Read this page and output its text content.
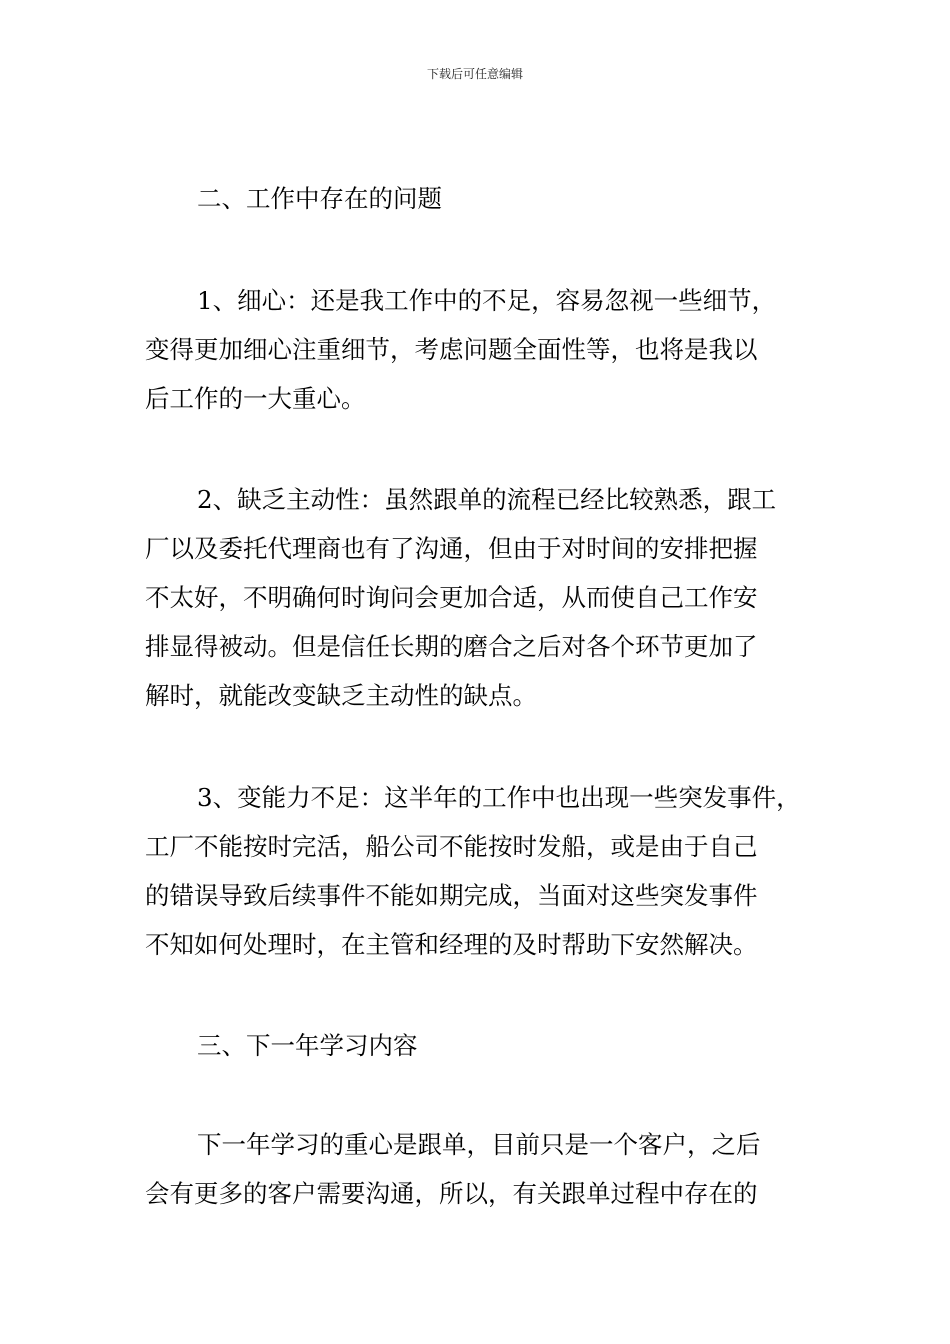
下载后可任意编辑
二、工作中存在的问题
1、细心：还是我工作中的不足，容易忽视一些细节，
变得更加细心注重细节，考虑问题全面性等，也将是我以
后工作的一大重心。
2、缺乏主动性：虽然跟单的流程已经比较熟悉，跟工
厂以及委托代理商也有了沟通，但由于对时间的安排把握
不太好，不明确何时询问会更加合适，从而使自己工作安
排显得被动。但是信任长期的磨合之后对各个环节更加了
解时，就能改变缺乏主动性的缺点。
3、变能力不足：这半年的工作中也出现一些突发事件，
工厂不能按时完活，船公司不能按时发船，或是由于自己
的错误导致后续事件不能如期完成，当面对这些突发事件
不知如何处理时，在主管和经理的及时帮助下安然解决。
三、下一年学习内容
下一年学习的重心是跟单，目前只是一个客户，之后
会有更多的客户需要沟通，所以，有关跟单过程中存在的
